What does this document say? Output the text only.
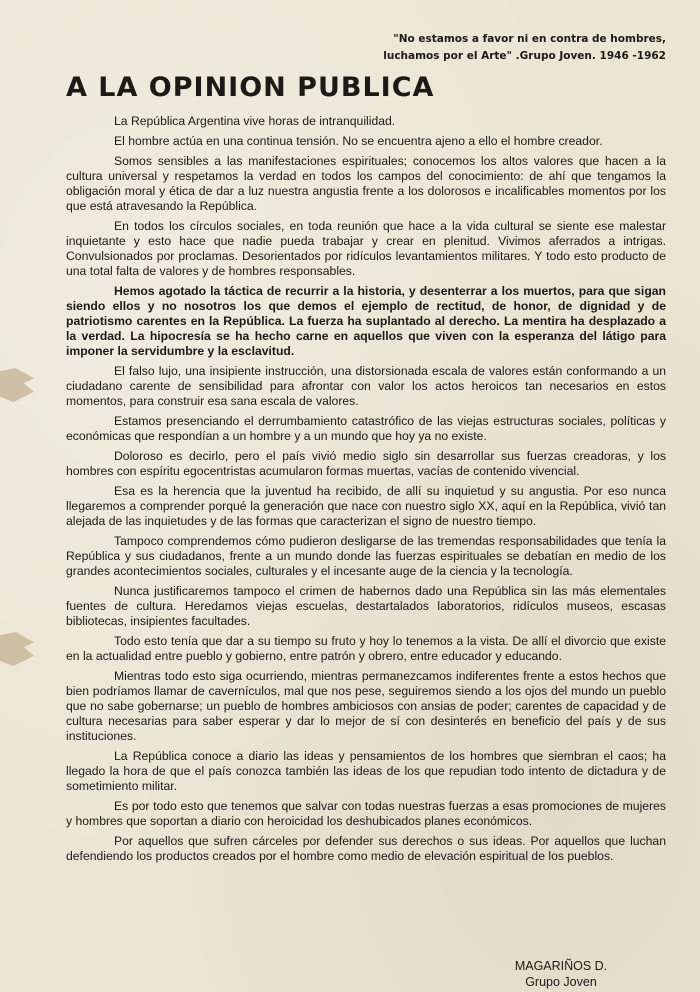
"No estamos a favor ni en contra de hombres,
luchamos por el Arte" .Grupo Joven. 1946 -1962
A LA OPINION PUBLICA

La República Argentina vive horas de intranquilidad.

El hombre actúa en una continua tensión. No se encuentra ajeno a ello el hombre creador.

Somos sensibles a las manifestaciones espirituales; conocemos los altos valores que hacen a la cultura universal y respetamos la verdad en todos los campos del conocimiento: de ahí que tengamos la obligación moral y ética de dar a luz nuestra angustia frente a los dolorosos e incalificables momentos por los que está atravesando la República.

En todos los círculos sociales, en toda reunión que hace a la vida cultural se siente ese malestar inquietante y esto hace que nadie pueda trabajar y crear en plenitud. Vivimos aferrados a intrigas. Convulsionados por proclamas. Desorientados por ridículos levantamientos militares. Y todo esto producto de una total falta de valores y de hombres responsables.

Hemos agotado la táctica de recurrir a la historia, y desenterrar a los muertos, para que sigan siendo ellos y no nosotros los que demos el ejemplo de rectitud, de honor, de dignidad y de patriotismo carentes en la República. La fuerza ha suplantado al derecho. La mentira ha desplazado a la verdad. La hipocresía se ha hecho carne en aquellos que viven con la esperanza del látigo para imponer la servidumbre y la esclavitud.

El falso lujo, una insipiente instrucción, una distorsionada escala de valores están conformando a un ciudadano carente de sensibilidad para afrontar con valor los actos heroicos tan necesarios en estos momentos, para construir esa sana escala de valores.

Estamos presenciando el derrumbamiento catastrófico de las viejas estructuras sociales, políticas y económicas que respondían a un hombre y a un mundo que hoy ya no existe.

Doloroso es decirlo, pero el país vivió medio siglo sin desarrollar sus fuerzas creadoras, y los hombres con espíritu egocentristas acumularon formas muertas, vacías de contenido vivencial.

Esa es la herencia que la juventud ha recibido, de allí su inquietud y su angustia. Por eso nunca llegaremos a comprender porqué la generación que nace con nuestro siglo XX, aquí en la República, vivió tan alejada de las inquietudes y de las formas que caracterizan el signo de nuestro tiempo.

Tampoco comprendemos cómo pudieron desligarse de las tremendas responsabilidades que tenía la República y sus ciudadanos, frente a un mundo donde las fuerzas espirituales se debatían en medio de los grandes acontecimientos sociales, culturales y el incesante auge de la ciencia y la tecnología.

Nunca justificaremos tampoco el crimen de habernos dado una República sin las más elementales fuentes de cultura. Heredamos viejas escuelas, destartalados laboratorios, ridículos museos, escasas bibliotecas, insipientes facultades.

Todo esto tenía que dar a su tiempo su fruto y hoy lo tenemos a la vista. De allí el divorcio que existe en la actualidad entre pueblo y gobierno, entre patrón y obrero, entre educador y educando.

Mientras todo esto siga ocurriendo, mientras permanezcamos indiferentes frente a estos hechos que bien podríamos llamar de cavernículos, mal que nos pese, seguiremos siendo a los ojos del mundo un pueblo que no sabe gobernarse; un pueblo de hombres ambiciosos con ansias de poder; carentes de capacidad y de cultura necesarias para saber esperar y dar lo mejor de sí con desinterés en beneficio del país y de sus instituciones.

La República conoce a diario las ideas y pensamientos de los hombres que siembran el caos; ha llegado la hora de que el país conozca también las ideas de los que repudian todo intento de dictadura y de sometimiento militar.

Es por todo esto que tenemos que salvar con todas nuestras fuerzas a esas promociones de mujeres y hombres que soportan a diario con heroicidad los deshubicados planes económicos.

Por aquellos que sufren cárceles por defender sus derechos o sus ideas. Por aquellos que luchan defendiendo los productos creados por el hombre como medio de elevación espiritual de los pueblos.

MAGARIÑOS D.
Grupo Joven
